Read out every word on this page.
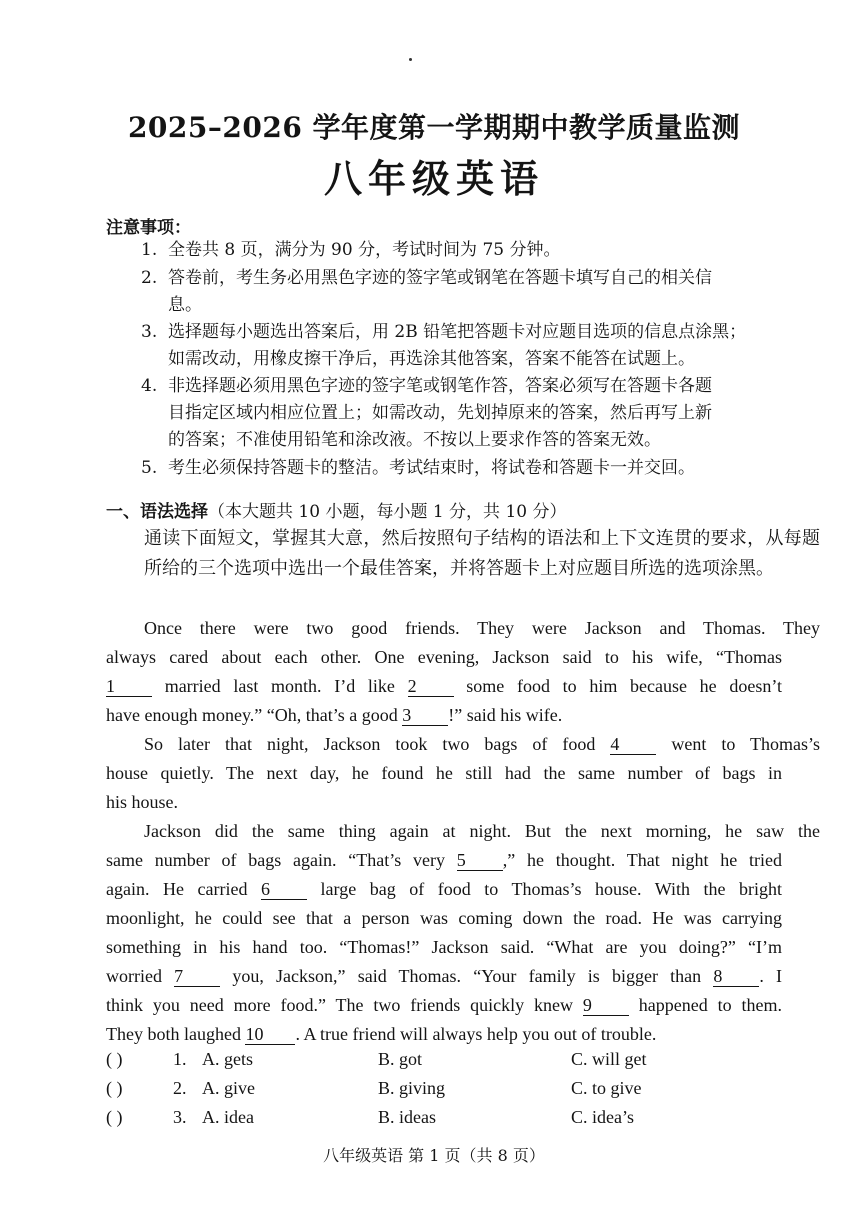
2025–2026 学年度第一学期期中教学质量监测
八年级英语
注意事项：
1. 全卷共 8 页，满分为 90 分，考试时间为 75 分钟。
2. 答卷前，考生务必用黑色字迹的签字笔或钢笔在答题卡填写自己的相关信
息。
3. 选择题每小题选出答案后，用 2B 铅笔把答题卡对应题目选项的信息点涂黑；
如需改动，用橡皮擦干净后，再选涂其他答案，答案不能答在试题上。
4. 非选择题必须用黑色字迹的签字笔或钢笔作答，答案必须写在答题卡各题
目指定区域内相应位置上；如需改动，先划掉原来的答案，然后再写上新
的答案；不准使用铅笔和涂改液。不按以上要求作答的答案无效。
5. 考生必须保持答题卡的整洁。考试结束时，将试卷和答题卡一并交回。
一、语法选择（本大题共 10 小题，每小题 1 分，共 10 分）
通读下面短文，掌握其大意，然后按照句子结构的语法和上下文连贯的要求，从每题所给的三个选项中选出一个最佳答案，并将答题卡上对应题目所选的选项涂黑。
Once there were two good friends. They were Jackson and Thomas. They
always cared about each other. One evening, Jackson said to his wife, “Thomas
1	married last month. I’d like 2	some food to him because he doesn’t
have enough money.” “Oh, that’s a good 3 !” said his wife.
So later that night, Jackson took two bags of food 4	went to Thomas’s
house quietly. The next day, he found he still had the same number of bags in
his house.
Jackson did the same thing again at night. But the next morning, he saw the
same number of bags again. “That’s very 5 ,” he thought. That night he tried
again. He carried 6	large bag of food to Thomas’s house. With the bright
moonlight, he could see that a person was coming down the road. He was carrying
something in his hand too. “Thomas!” Jackson said. “What are you doing?” “I’m
worried 7	you, Jackson,” said Thomas. “Your family is bigger than 8 . I
think you need more food.” The two friends quickly knew 9	happened to them.
They both laughed 10 . A true friend will always help you out of trouble.
( )	1. A. gets	B. got	C. will get
( )	2. A. give	B. giving	C. to give
( )	3. A. idea	B. ideas	C. idea’s
八年级英语 第 1 页（共 8 页）
